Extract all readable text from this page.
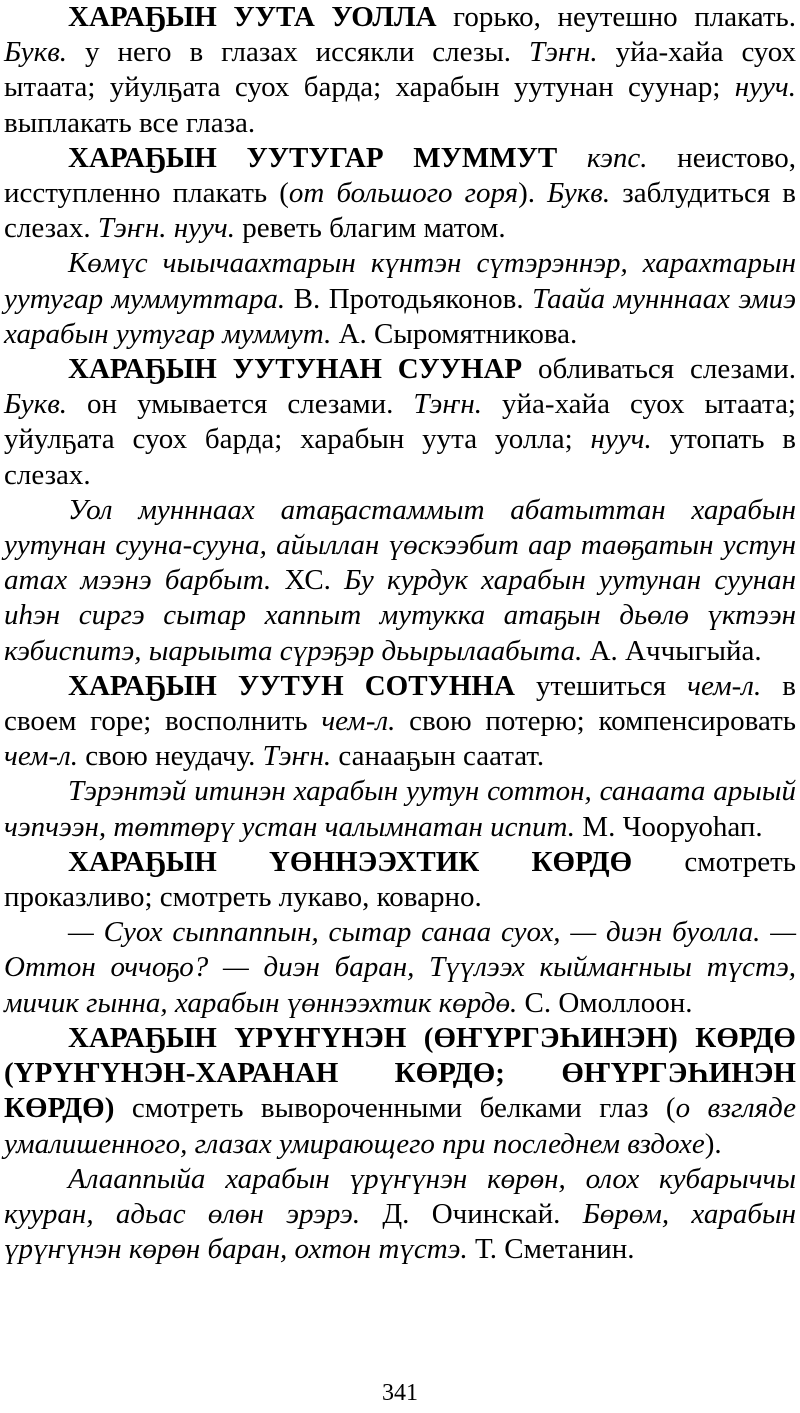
ХАРАҔЫН УУТА УОЛЛА горько, неутешно плакать. Букв. у него в глазах иссякли слезы. Тэҥн. уйа-хайа суох ытаата; уйулҕата суох барда; харабын уутунан суунар; нууч. выплакать все глаза.

ХАРАҔЫН УУТУГАР МУММУТ кэпс. неистово, исступленно плакать (от большого горя). Букв. заблудиться в слезах. Тэҥн. нууч. реветь благим матом.

Көмүс чыычаахтарын күнтэн сүтэрэннэр, харахтарын уутугар муммуттара. В. Протодьяконов. Таайа мунннаах эмиэ харабын уутугар муммут. А. Сыромятникова.

ХАРАҔЫН УУТУНАН СУУНАР обливаться слезами. Букв. он умывается слезами. Тэҥн. уйа-хайа суох ытаата; уйулҕата суох барда; харабын уута уолла; нууч. утопать в слезах.

Уол мунннаах атаҕастаммыт абатыттан харабын уутунан сууна-сууна, айыллан үөскээбит аар таөҕатын устун атах мээнэ барбыт. ХС. Бу курдук харабын уутунан суунан иһэн сиргэ сытар хаппыт мутукка атаҕын дьөлө үктээн кэбиспитэ, ыарыыта сүрэҕэр дьырылаабыта. А. Аччыгыйа.

ХАРАҔЫН УУТУН СОТУННА утешиться чем-л. в своем горе; восполнить чем-л. свою потерю; компенсировать чем-л. свою неудачу. Тэҥн. санааҕын саатат.

Тэрэнтэй итинэн харабын уутун соттон, санаата арыый чэпчээн, төттөрү устан чалымнатан испит. М. Чооруоһап.

ХАРАҔЫН ҮӨННЭЭХТИК КӨРДӨ смотреть проказливо; смотреть лукаво, коварно.

— Суох сыппаппын, сытар санаа суох, — диэн буолла. — Оттон оччоҕо? — диэн баран, Түүлээх кыймаҥныы түстэ, мичик гынна, харабын үөннээхтик көрдө. С. Омоллоон.

ХАРАҔЫН ҮРҮҤҮНЭН (ӨҤҮРГЭҺИНЭН) КӨРДӨ (ҮРҮҤҮНЭН-ХАРАНАН КӨРДӨ; ӨҤҮРГЭҺИНЭН КӨРДӨ) смотреть вывороченными белками глаз (о взгляде умалишенного, глазах умирающего при последнем вздохе).

Алааппыйа харабын үрүҥүнэн көрөн, олох кубарыччы кууран, адьас өлөн эрэрэ. Д. Очинскай. Бөрөм, харабын үрүҥүнэн көрөн баран, охтон түстэ. Т. Сметанин.

341
